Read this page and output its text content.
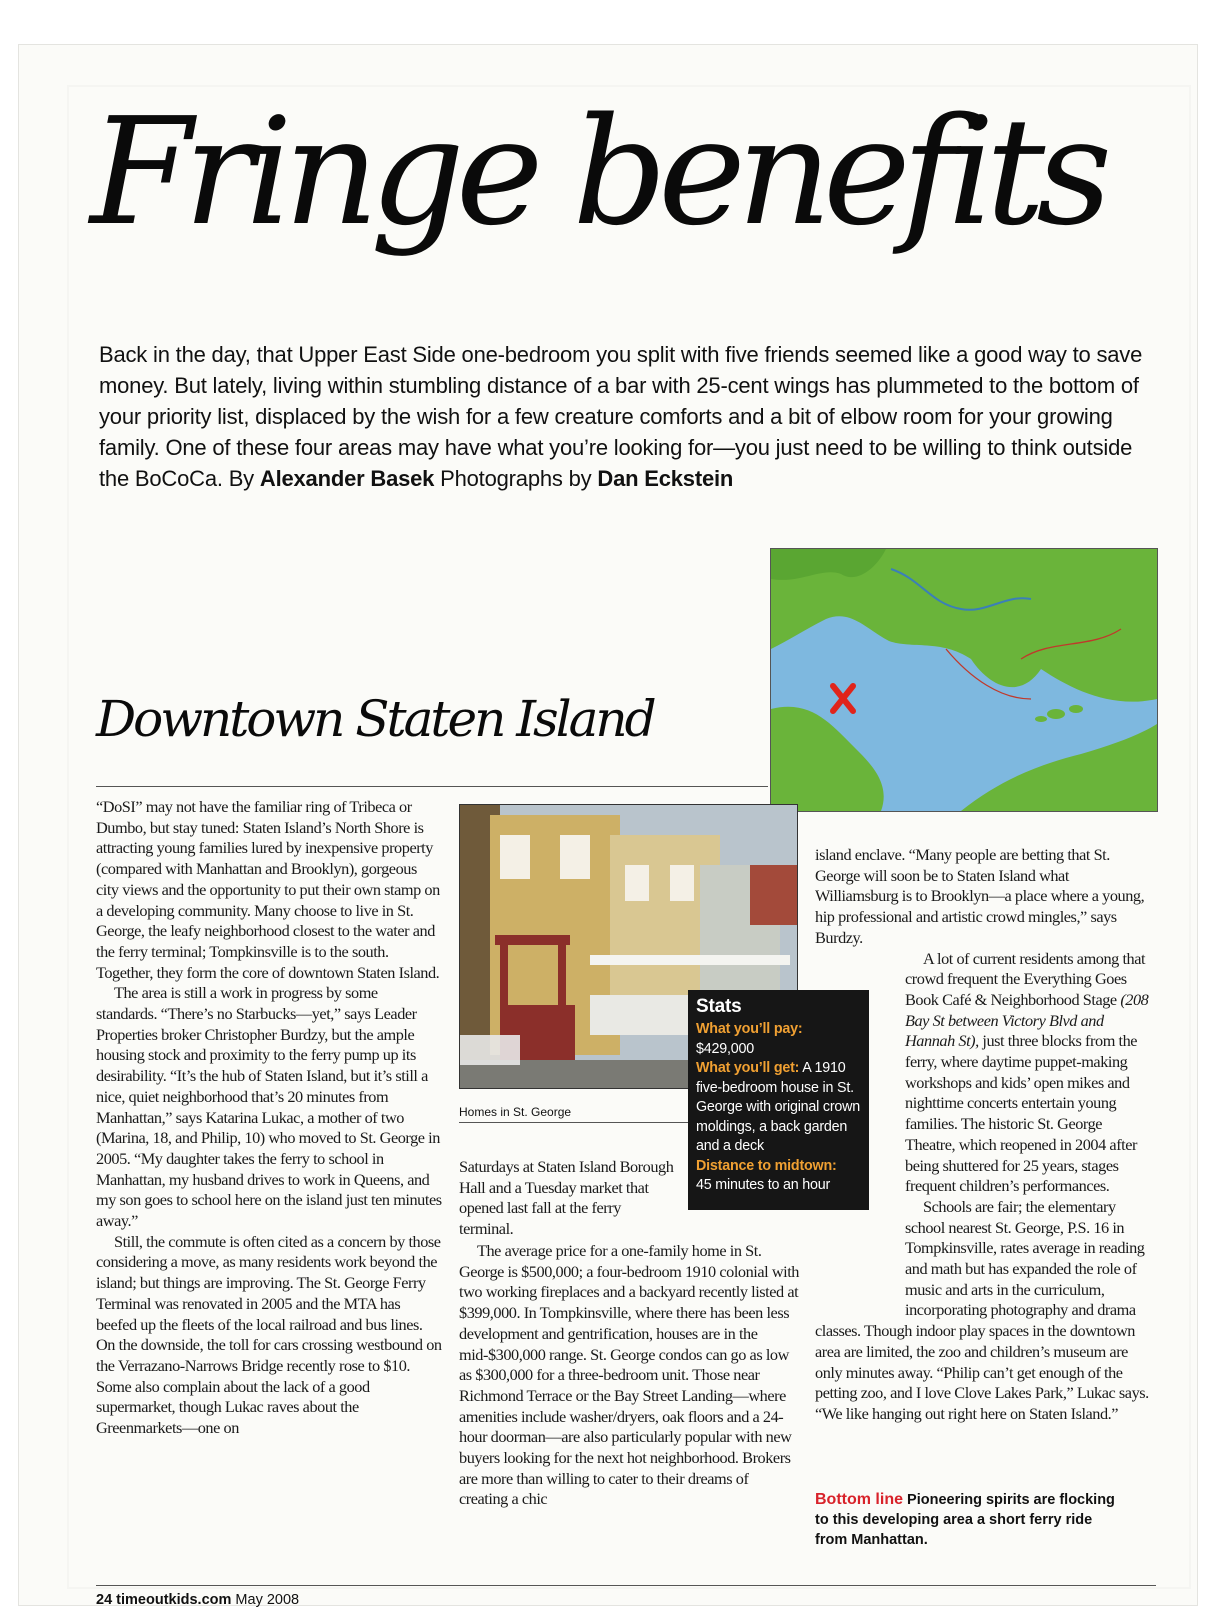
Fringe benefits

Back in the day, that Upper East Side one-bedroom you split with five friends seemed like a good way to save money. But lately, living within stumbling distance of a bar with 25-cent wings has plummeted to the bottom of your priority list, displaced by the wish for a few creature comforts and a bit of elbow room for your growing family. One of these four areas may have what you’re looking for—you just need to be willing to think outside the BoCoCa. By Alexander Basek Photographs by Dan Eckstein

Downtown Staten Island

“DoSI” may not have the familiar ring of Tribeca or Dumbo, but stay tuned: Staten Island’s North Shore is attracting young families lured by inexpensive property (compared with Manhattan and Brooklyn), gorgeous city views and the opportunity to put their own stamp on a developing community. Many choose to live in St. George, the leafy neighborhood closest to the water and the ferry terminal; Tompkinsville is to the south. Together, they form the core of downtown Staten Island.

The area is still a work in progress by some standards. “There’s no Starbucks—yet,” says Leader Properties broker Christopher Burdzy, but the ample housing stock and proximity to the ferry pump up its desirability. “It’s the hub of Staten Island, but it’s still a nice, quiet neighborhood that’s 20 minutes from Manhattan,” says Katarina Lukac, a mother of two (Marina, 18, and Philip, 10) who moved to St. George in 2005. “My daughter takes the ferry to school in Manhattan, my husband drives to work in Queens, and my son goes to school here on the island just ten minutes away.”

Still, the commute is often cited as a concern by those considering a move, as many residents work beyond the island; but things are improving. The St. George Ferry Terminal was renovated in 2005 and the MTA has beefed up the fleets of the local railroad and bus lines. On the downside, the toll for cars crossing westbound on the Verrazano-Narrows Bridge recently rose to $10. Some also complain about the lack of a good supermarket, though Lukac raves about the Greenmarkets—one on

Homes in St. George
Stats
What you’ll pay:
$429,000
What you’ll get: A 1910 five-bedroom house in St. George with original crown moldings, a back garden and a deck
Distance to midtown:
45 minutes to an hour

Saturdays at Staten Island Borough Hall and a Tuesday market that opened last fall at the ferry terminal.

The average price for a one-family home in St. George is $500,000; a four-bedroom 1910 colonial with two working fireplaces and a backyard recently listed at $399,000. In Tompkinsville, where there has been less development and gentrification, houses are in the mid-$300,000 range. St. George condos can go as low as $300,000 for a three-bedroom unit. Those near Richmond Terrace or the Bay Street Landing—where amenities include washer/dryers, oak floors and a 24-hour doorman—are also particularly popular with new buyers looking for the next hot neighborhood. Brokers are more than willing to cater to their dreams of creating a chic

island enclave. “Many people are betting that St. George will soon be to Staten Island what Williamsburg is to Brooklyn—a place where a young, hip professional and artistic crowd mingles,” says Burdzy.

A lot of current residents among that crowd frequent the Everything Goes Book Café & Neighborhood Stage (208 Bay St between Victory Blvd and Hannah St), just three blocks from the ferry, where daytime puppet-making workshops and kids’ open mikes and nighttime concerts entertain young families. The historic St. George Theatre, which reopened in 2004 after being shuttered for 25 years, stages frequent children’s performances.

Schools are fair; the elementary school nearest St. George, P.S. 16 in Tompkinsville, rates average in reading and math but has expanded the role of music and arts in the curriculum, incorporating photography and drama classes. Though indoor play spaces in the downtown area are limited, the zoo and children’s museum are only minutes away. “Philip can’t get enough of the petting zoo, and I love Clove Lakes Park,” Lukac says. “We like hanging out right here on Staten Island.”

Bottom line Pioneering spirits are flocking to this developing area a short ferry ride from Manhattan.
24 timeoutkids.com May 2008
